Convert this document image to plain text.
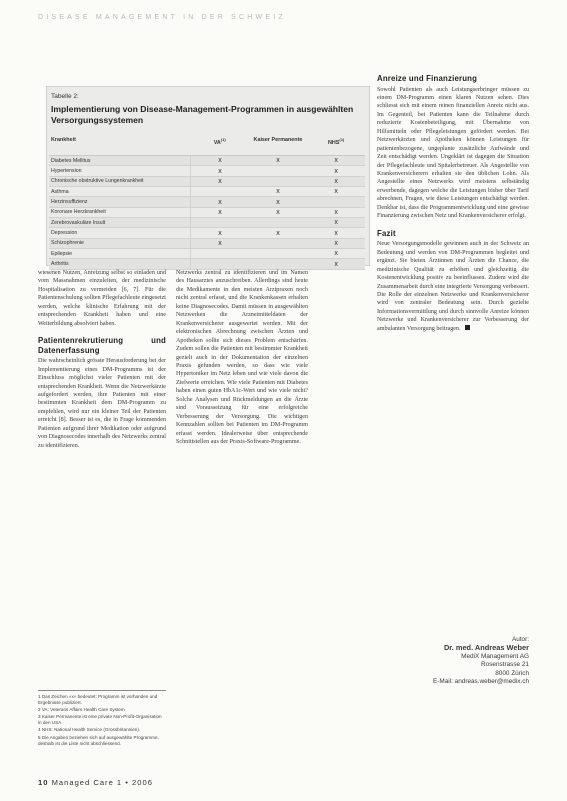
DISEASE MANAGEMENT IN DER SCHWEIZ
Tabelle 2:
Implementierung von Disease-Management-Programmen in ausgewählten Versorgungssystemen
Krankheit	VA$^{(1)}$	Kaiser Permanente	NHS$^{(1)}$
Diabetes Mellitus	x	x	x
Hypertension	x		x
Chronische obstruktive Lungenkrankheit	x		x
Asthma		x	x
Herzinsuffizienz	x	x	
Koronare Herzkrankheit	x	x	x
Zerebrovaskuläre Insult			x
Depression	x	x	x
Schizophrenie	x		x
Epilepsie			x
Arthritis			x

wiesenen Nutzen, Anreizung selbst so einladen und vom Massnahmen einzuleiten, der medizinische Hospitalisation zu vermeiden [6, 7]. Für die Patientenschulung sollten Pflegefachleute eingesetzt werden, welche klinische Erfahrung mit der entsprechenden Krankheit haben und eine Weiterbildung absolviert haben.

Patientenrekrutierung und Datenerfassung

Die wahrscheinlich grösste Herausforderung bei der Implementierung eines DM-Programms ist der Einschluss möglichst vieler Patienten mit der entsprechenden Krankheit. Wenn die Netzwerkärzte aufgefordert werden, ihre Patienten mit einer bestimmten Krankheit dem DM-Programm zu empfehlen, wird nur ein kleiner Teil der Patienten erreicht [8]. Besser ist es, die in Frage kommenden Patienten aufgrund ihrer Medikation oder aufgrund von Diagnosecodes innerhalb des Netzwerks zentral zu identifizieren.

1 Das Zeichen «x» bedeutet: Programm ist vorhanden und Ergebnisse publiziert.
2 VA: Veterans Affairs Health Care System
3 Kaiser Permanente ist eine private Non-Profit-Organisation in den USA.
4 NHS: National Health Service (Grossbritannien).
5 Die Angaben beziehen sich auf ausgewählte Programme, deshalb ist die Liste nicht abschliessend.

Netzwerks zentral zu identifizieren und im Namen des Hausarztes anzuschreiben. Allerdings sind heute die Medikamente in den meisten Arztpraxen noch nicht zentral erfasst, und die Krankenkassen erhalten keine Diagnosecodes. Damit müssen in ausgewählten Netzwerken die Arzneimitteldaten der Krankenversicherer ausgewertet werden. Mit der elektronischen Abrechnung zwischen Ärzten und Apotheken sollte sich dieses Problem entschärfen. Zudem sollen die Patienten mit bestimmter Krankheit gezielt auch in der Dokumentation der einzelnen Praxis gefunden werden, so dass wie viele Hypertoniker im Netz leben und wie viele davon die Zielwerte erreichen. Wie viele Patienten mit Diabetes haben einen guten HbA1c-Wert und wie viele nicht? Solche Analysen und Rückmeldungen an die Ärzte sind Voraussetzung für eine erfolgreiche Verbesserung der Versorgung. Die wichtigen Kennzahlen sollten bei Patienten im DM-Programm erfasst werden. Idealerweise über entsprechende Schnittstellen aus der Praxis-Software-Programme.

Anreize und Finanzierung

Sowohl Patienten als auch Leistungserbringer müssen zu einem DM-Programm einen klaren Nutzen sehen. Dies schliesst sich mit einem reinen finanziellen Anreiz nicht aus. Im Gegenteil, bei Patienten kann die Teilnahme durch reduzierte Kostenbeteiligung, mit Übernahme von Hilfsmitteln oder Pflegeleistungen gefördert werden. Bei Netzwerkärzten und Apotheken können Leistungen für patientenbezogene, ungeplante zusätzliche Aufwände und Zeit entschädigt werden. Ungeklärt ist dagegen die Situation der Pflegefachleute und Spitalerbetreuer. Als Angestellte von Krankenversicherern erhalten sie den üblichen Lohn. Als Angestellte eines Netzwerks wird meistens selbständig erwerbende, dagegen welche die Leistungen bisher über Tarif abrechnen, Fragen, wie diese Leistungen entschädigt werden. Denkbar ist, dass die Programmentwicklung und eine gewisse Finanzierung zwischen Netz und Krankenversicherer erfolgt.

Fazit

Neue Versorgungsmodelle gewinnen auch in der Schweiz an Bedeutung und werden von DM-Programmen begleitet und ergänzt. Sie bieten Ärztinnen und Ärzten die Chance, die medizinische Qualität zu erhöhen und gleichzeitig die Kostenentwicklung positiv zu beeinflussen. Zudem wird die Zusammenarbeit durch eine integrierte Versorgung verbessert. Die Rolle der einzelnen Netzwerke und Krankenversicherer wird von zentraler Bedeutung sein. Durch gezielte Informationsvermittlung und durch sinnvolle Anreize können Netzwerke und Krankenversicherer zur Verbesserung der ambulanten Versorgung beitragen.

Autor:
Dr. med. Andreas Weber
MediX Management AG
Rosenstrasse 21
8000 Zürich
E-Mail: andreas.weber@medix.ch
10 Managed Care 1 • 2006
